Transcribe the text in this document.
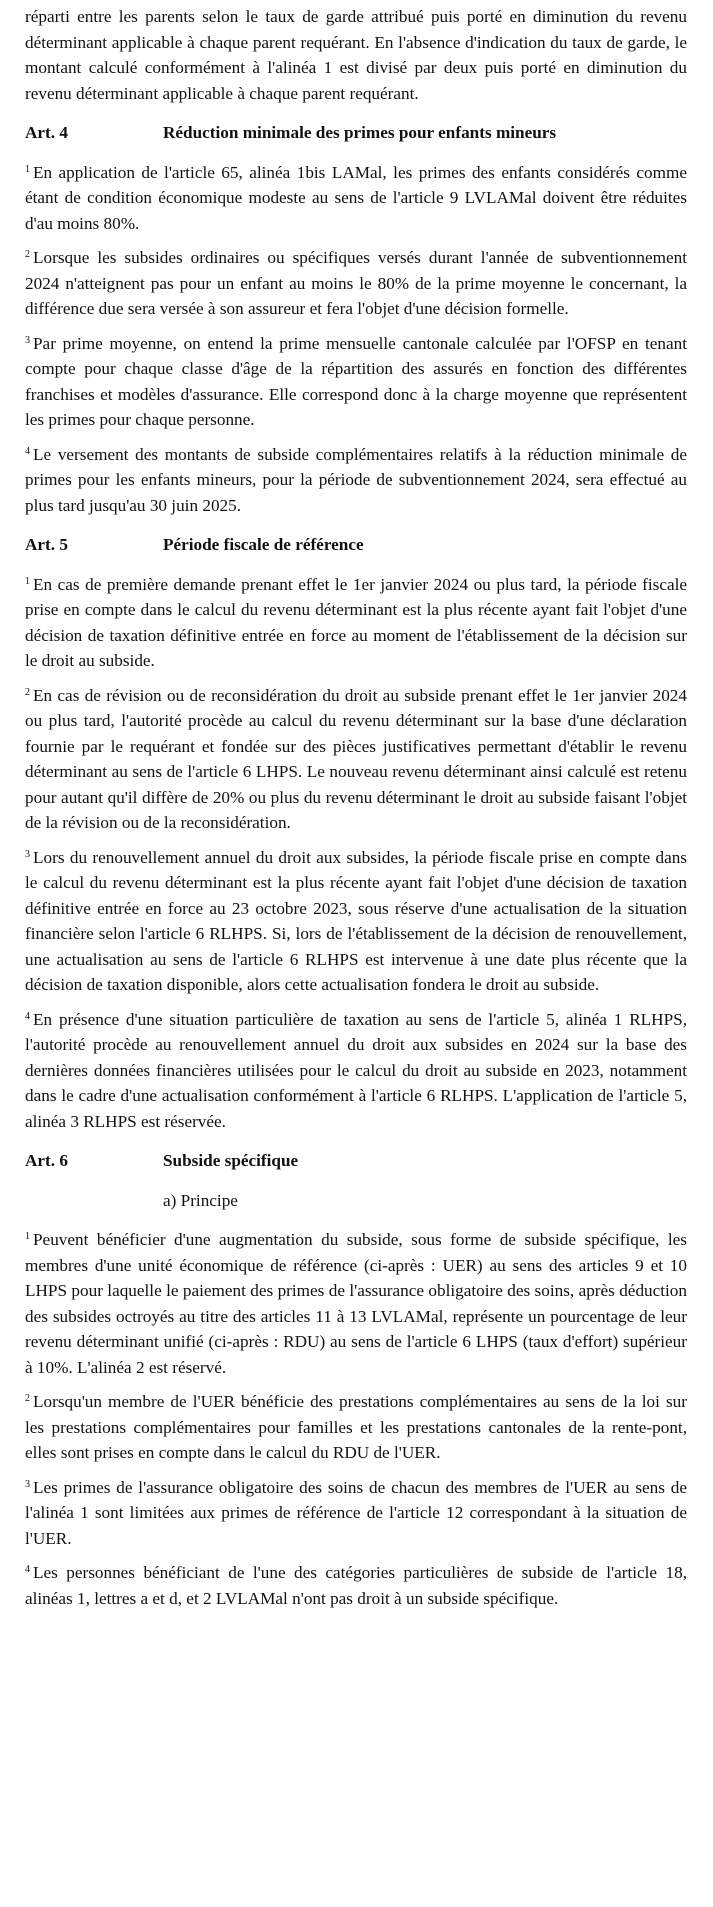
réparti entre les parents selon le taux de garde attribué puis porté en diminution du revenu déterminant applicable à chaque parent requérant. En l'absence d'indication du taux de garde, le montant calculé conformément à l'alinéa 1 est divisé par deux puis porté en diminution du revenu déterminant applicable à chaque parent requérant.

Art. 4	Réduction minimale des primes pour enfants mineurs

$^1$ En application de l'article 65, alinéa 1bis LAMal, les primes des enfants considérés comme étant de condition économique modeste au sens de l'article 9 LVLAMal doivent être réduites d'au moins 80%.

$^2$ Lorsque les subsides ordinaires ou spécifiques versés durant l'année de subventionnement 2024 n'atteignent pas pour un enfant au moins le 80% de la prime moyenne le concernant, la différence due sera versée à son assureur et fera l'objet d'une décision formelle.

$^3$ Par prime moyenne, on entend la prime mensuelle cantonale calculée par l'OFSP en tenant compte pour chaque classe d'âge de la répartition des assurés en fonction des différentes franchises et modèles d'assurance. Elle correspond donc à la charge moyenne que représentent les primes pour chaque personne.

$^4$ Le versement des montants de subside complémentaires relatifs à la réduction minimale de primes pour les enfants mineurs, pour la période de subventionnement 2024, sera effectué au plus tard jusqu'au 30 juin 2025.

Art. 5	Période fiscale de référence

$^1$ En cas de première demande prenant effet le 1er janvier 2024 ou plus tard, la période fiscale prise en compte dans le calcul du revenu déterminant est la plus récente ayant fait l'objet d'une décision de taxation définitive entrée en force au moment de l'établissement de la décision sur le droit au subside.

$^2$ En cas de révision ou de reconsidération du droit au subside prenant effet le 1er janvier 2024 ou plus tard, l'autorité procède au calcul du revenu déterminant sur la base d'une déclaration fournie par le requérant et fondée sur des pièces justificatives permettant d'établir le revenu déterminant au sens de l'article 6 LHPS. Le nouveau revenu déterminant ainsi calculé est retenu pour autant qu'il diffère de 20% ou plus du revenu déterminant le droit au subside faisant l'objet de la révision ou de la reconsidération.

$^3$ Lors du renouvellement annuel du droit aux subsides, la période fiscale prise en compte dans le calcul du revenu déterminant est la plus récente ayant fait l'objet d'une décision de taxation définitive entrée en force au 23 octobre 2023, sous réserve d'une actualisation de la situation financière selon l'article 6 RLHPS. Si, lors de l'établissement de la décision de renouvellement, une actualisation au sens de l'article 6 RLHPS est intervenue à une date plus récente que la décision de taxation disponible, alors cette actualisation fondera le droit au subside.

$^4$ En présence d'une situation particulière de taxation au sens de l'article 5, alinéa 1 RLHPS, l'autorité procède au renouvellement annuel du droit aux subsides en 2024 sur la base des dernières données financières utilisées pour le calcul du droit au subside en 2023, notamment dans le cadre d'une actualisation conformément à l'article 6 RLHPS. L'application de l'article 5, alinéa 3 RLHPS est réservée.

Art. 6	Subside spécifique
a) Principe

$^1$ Peuvent bénéficier d'une augmentation du subside, sous forme de subside spécifique, les membres d'une unité économique de référence (ci-après : UER) au sens des articles 9 et 10 LHPS pour laquelle le paiement des primes de l'assurance obligatoire des soins, après déduction des subsides octroyés au titre des articles 11 à 13 LVLAMal, représente un pourcentage de leur revenu déterminant unifié (ci-après : RDU) au sens de l'article 6 LHPS (taux d'effort) supérieur à 10%. L'alinéa 2 est réservé.

$^2$ Lorsqu'un membre de l'UER bénéficie des prestations complémentaires au sens de la loi sur les prestations complémentaires pour familles et les prestations cantonales de la rente-pont, elles sont prises en compte dans le calcul du RDU de l'UER.

$^3$ Les primes de l'assurance obligatoire des soins de chacun des membres de l'UER au sens de l'alinéa 1 sont limitées aux primes de référence de l'article 12 correspondant à la situation de l'UER.

$^4$ Les personnes bénéficiant de l'une des catégories particulières de subside de l'article 18, alinéas 1, lettres a et d, et 2 LVLAMal n'ont pas droit à un subside spécifique.
